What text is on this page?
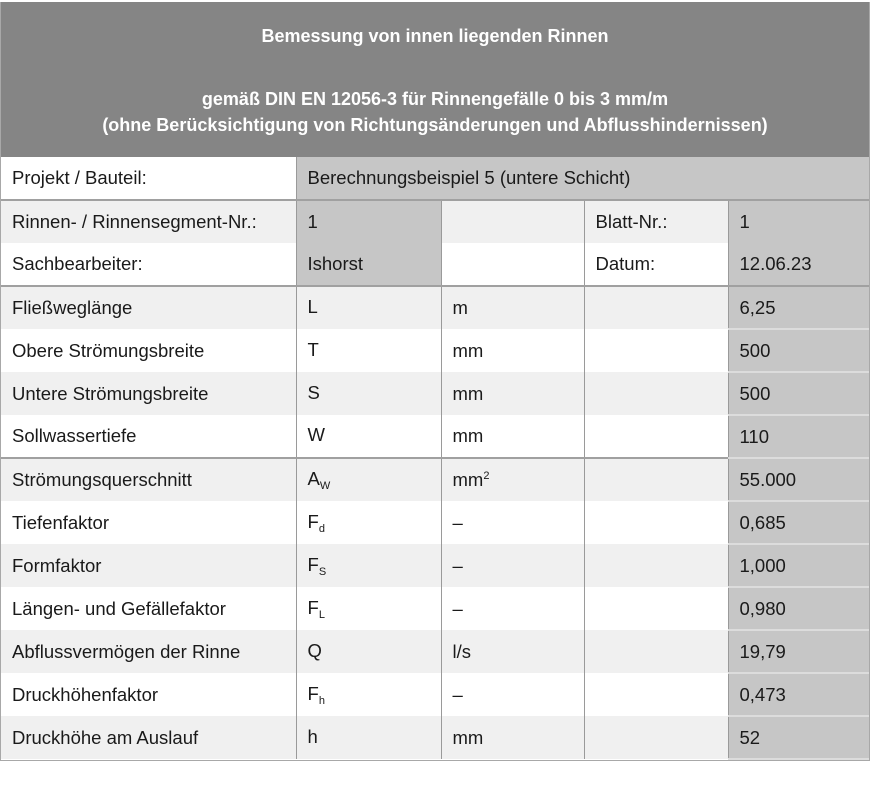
Bemessung von innen liegenden Rinnen
gemäß DIN EN 12056-3 für Rinnengefälle 0 bis 3 mm/m
(ohne Berücksichtigung von Richtungsänderungen und Abflusshindernissen)
Projekt / Bauteil:	Berechnungsbeispiel 5 (untere Schicht)			
Rinnen- / Rinnensegment-Nr.:	1		Blatt-Nr.:	1
Sachbearbeiter:	Ishorst		Datum:	12.06.23
Fließweglänge	L	m		6,25
Obere Strömungsbreite	T	mm		500
Untere Strömungsbreite	S	mm		500
Sollwassertiefe	W	mm		110
Strömungsquerschnitt	$A_W$	$mm^2$		55.000
Tiefenfaktor	$F_d$	–		0,685
Formfaktor	$F_S$	–		1,000
Längen- und Gefällefaktor	$F_L$	–		0,980
Abflussvermögen der Rinne	Q	l/s		19,79
Druckhöhenfaktor	$F_h$	–		0,473
Druckhöhe am Auslauf	h	mm		52
